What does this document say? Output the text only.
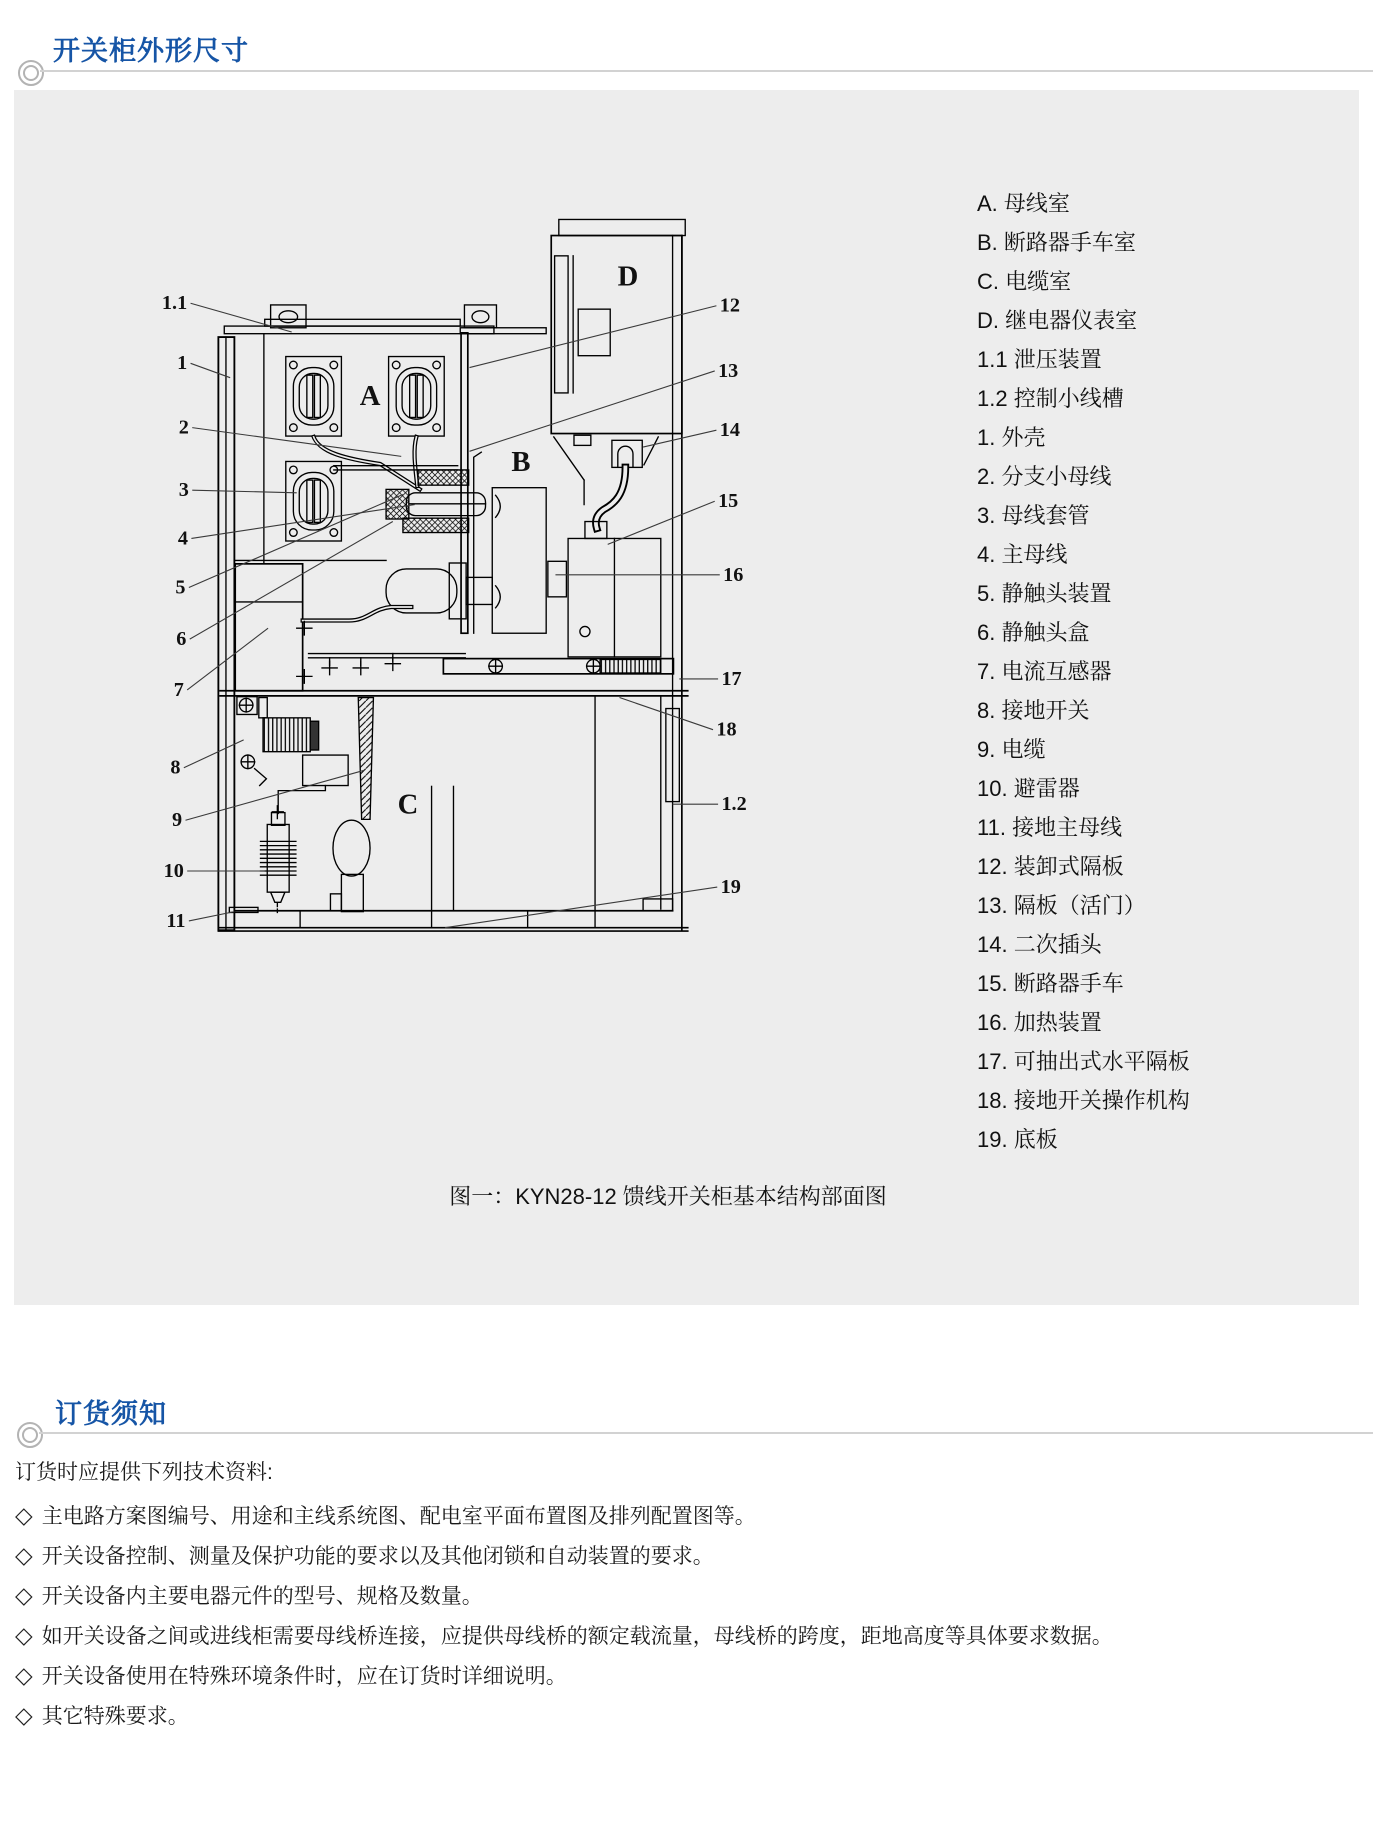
开关柜外形尺寸
A
B
C
D
1.1
1
2
3
4
5
6
7
8
9
10
11
12
13
14
15
16
17
18
1.2
19
A. 母线室
B. 断路器手车室
C. 电缆室
D. 继电器仪表室
1.1 泄压装置
1.2 控制小线槽
1. 外壳
2. 分支小母线
3. 母线套管
4. 主母线
5. 静触头装置
6. 静触头盒
7. 电流互感器
8. 接地开关
9. 电缆
10. 避雷器
11. 接地主母线
12. 装卸式隔板
13. 隔板（活门）
14. 二次插头
15. 断路器手车
16. 加热装置
17. 可抽出式水平隔板
18. 接地开关操作机构
19. 底板
图一：KYN28-12 馈线开关柜基本结构部面图
订货须知

订货时应提供下列技术资料:

◇ 主电路方案图编号、用途和主线系统图、配电室平面布置图及排列配置图等。
◇ 开关设备控制、测量及保护功能的要求以及其他闭锁和自动装置的要求。
◇ 开关设备内主要电器元件的型号、规格及数量。
◇ 如开关设备之间或进线柜需要母线桥连接，应提供母线桥的额定载流量，母线桥的跨度，距地高度等具体要求数据。
◇ 开关设备使用在特殊环境条件时，应在订货时详细说明。
◇ 其它特殊要求。
